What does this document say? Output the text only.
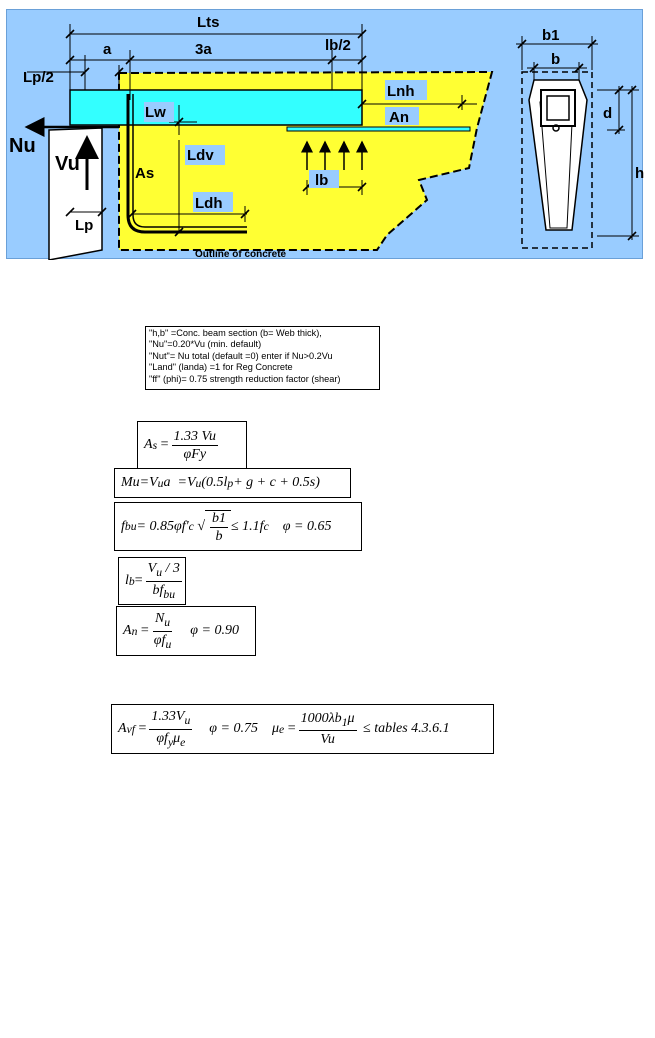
Lts
a	3a	lb/2
Lp/2
Nu
Vu
Lp
Lw
Ldv
As
Ldh
Lnh
An
lb
Outline of concrete
b1
b
d
h
"h,b" =Conc. beam section (b= Web thick),
"Nu"=0.20*Vu (min. default)
"Nut"= Nu total (default =0) enter if Nu>0.2Vu
"Land" (landa) =1 for Reg Concrete
"ff" (phi)= 0.75 strength reduction factor (shear)
A $s = \frac{1.33 Vu}{\text{φFy}}$
Mu=V u a
=V u (0.5l p + g + c + 0.5s)
f bu = 0.85φf' c √ $\frac{b1}{b} \le 1.1f$ c φ = 0.65
l $b = \frac{V_u / 3}{bf_{bu}}$
A $n = \frac{N_u}{\varphi f_u}$ φ = 0.90
A vf = $\frac{1.33V_u}{\varphi f_y\mu_e}$ φ = 0.75 μ $e = \frac{1000\lambda b_1\mu}{Vu}$
≤ tables 4.3.6.1
